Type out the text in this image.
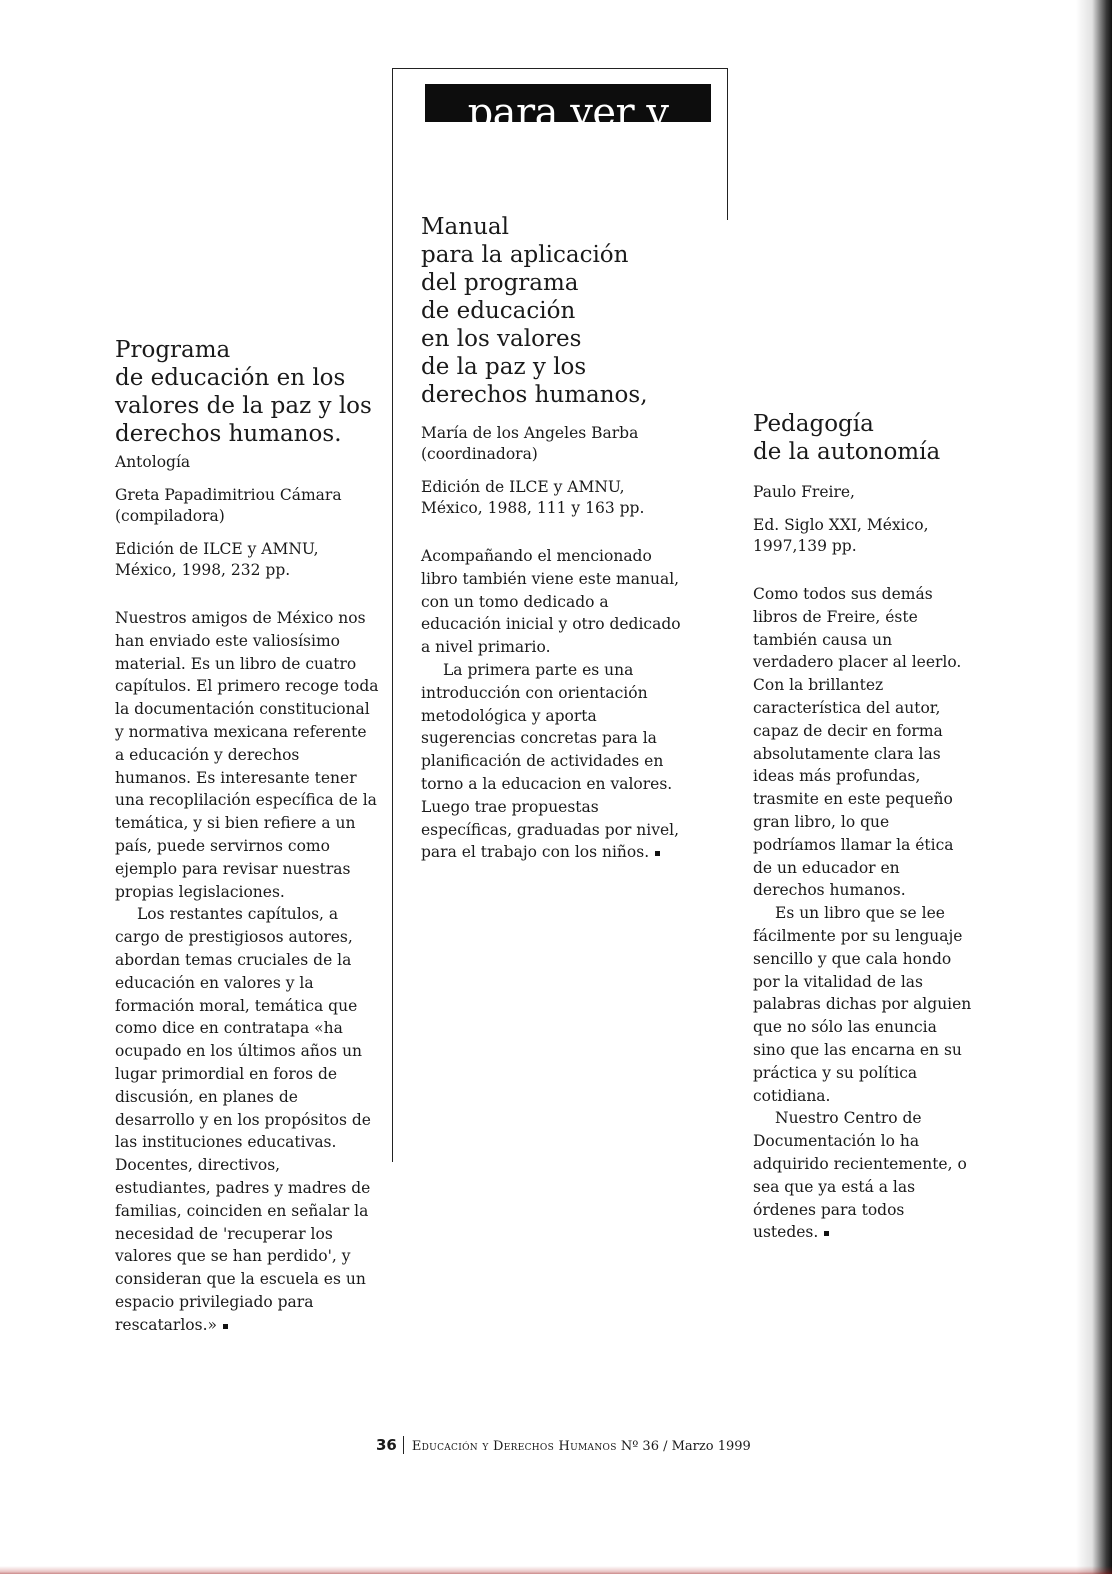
para ver y leer
Programa
de educación en los
valores de la paz y los
derechos humanos.
Antología
Greta Papadimitriou Cámara
(compiladora)
Edición de ILCE y AMNU,
México, 1998, 232 pp.

Nuestros amigos de México nos han enviado este valiosísimo material. Es un libro de cuatro capítulos. El primero recoge toda la documentación constitucional y normativa mexicana referente a educación y derechos humanos. Es interesante tener una recoplilación específica de la temática, y si bien refiere a un país, puede servirnos como ejemplo para revisar nuestras propias legislaciones.

Los restantes capítulos, a cargo de prestigiosos autores, abordan temas cruciales de la educación en valores y la formación moral, temática que como dice en contratapa «ha ocupado en los últimos años un lugar primordial en foros de discusión, en planes de desarrollo y en los propósitos de las instituciones educativas. Docentes, directivos, estudiantes, padres y madres de familias, coinciden en señalar la necesidad de 'recuperar los valores que se han perdido', y consideran que la escuela es un espacio privilegiado para rescatarlos.»

Manual
para la aplicación
del programa
de educación
en los valores
de la paz y los
derechos humanos,
María de los Angeles Barba
(coordinadora)
Edición de ILCE y AMNU,
México, 1988, 111 y 163 pp.

Acompañando el mencionado libro también viene este manual, con un tomo dedicado a educación inicial y otro dedicado a nivel primario.

La primera parte es una introducción con orientación metodológica y aporta sugerencias concretas para la planificación de actividades en torno a la educacion en valores. Luego trae propuestas específicas, graduadas por nivel, para el trabajo con los niños.

Pedagogía
de la autonomía
Paulo Freire,
Ed. Siglo XXI, México,
1997,139 pp.

Como todos sus demás libros de Freire, éste también causa un verdadero placer al leerlo. Con la brillantez característica del autor, capaz de decir en forma absolutamente clara las ideas más profundas, trasmite en este pequeño gran libro, lo que podríamos llamar la ética de un educador en derechos humanos.

Es un libro que se lee fácilmente por su lenguaje sencillo y que cala hondo por la vitalidad de las palabras dichas por alguien que no sólo las enuncia sino que las encarna en su práctica y su política cotidiana.

Nuestro Centro de Documentación lo ha adquirido recientemente, o sea que ya está a las órdenes para todos ustedes.

36 Educación y Derechos Humanos Nº 36 / Marzo 1999
